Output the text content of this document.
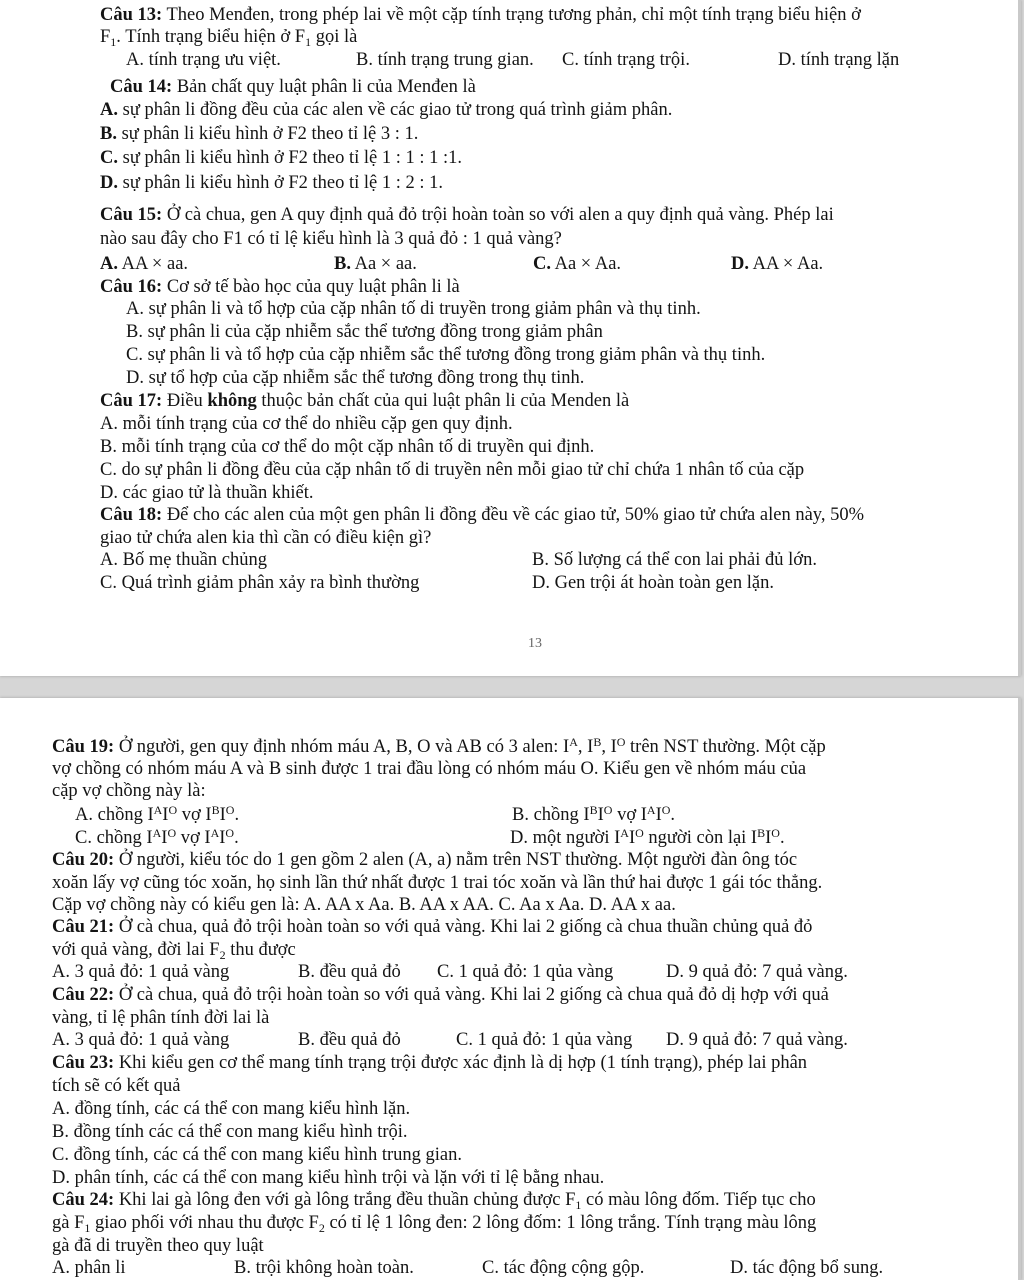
Câu 13: Theo Menđen, trong phép lai về một cặp tính trạng tương phản, chỉ một tính trạng biểu hiện ở
$F_1$. Tính trạng biểu hiện ở $F_1$ gọi là
A. tính trạng ưu việt.	B. tính trạng trung gian. C. tính trạng trội.	D. tính trạng lặn
Câu 14: Bản chất quy luật phân li của Menđen là
A. sự phân li đồng đều của các alen về các giao tử trong quá trình giảm phân.
B. sự phân li kiểu hình ở F2 theo tỉ lệ 3 : 1.
C. sự phân li kiểu hình ở F2 theo tỉ lệ 1 : 1 : 1 :1.
D. sự phân li kiểu hình ở F2 theo tỉ lệ 1 : 2 : 1.
Câu 15: Ở cà chua, gen A quy định quả đỏ trội hoàn toàn so với alen a quy định quả vàng. Phép lai
nào sau đây cho F1 có tỉ lệ kiểu hình là 3 quả đỏ : 1 quả vàng?
A. AA × aa.	B. Aa × aa.	C. Aa × Aa.	D. AA × Aa.
Câu 16: Cơ sở tế bào học của quy luật phân li là
A. sự phân li và tổ hợp của cặp nhân tố di truyền trong giảm phân và thụ tinh.
B. sự phân li của cặp nhiễm sắc thể tương đồng trong giảm phân
C. sự phân li và tổ hợp của cặp nhiễm sắc thể tương đồng trong giảm phân và thụ tinh.
D. sự tổ hợp của cặp nhiễm sắc thể tương đồng trong thụ tinh.
Câu 17: Điều không thuộc bản chất của qui luật phân li của Menden là
A. mỗi tính trạng của cơ thể do nhiều cặp gen quy định.
B. mỗi tính trạng của cơ thể do một cặp nhân tố di truyền qui định.
C. do sự phân li đồng đều của cặp nhân tố di truyền nên mỗi giao tử chỉ chứa 1 nhân tố của cặp
D. các giao tử là thuần khiết.
Câu 18: Để cho các alen của một gen phân li đồng đều về các giao tử, 50% giao tử chứa alen này, 50%
giao tử chứa alen kia thì cần có điều kiện gì?
A. Bố mẹ thuần chủng	B. Số lượng cá thể con lai phải đủ lớn.
C. Quá trình giảm phân xảy ra bình thường	D. Gen trội át hoàn toàn gen lặn.
13
Câu 19: Ở người, gen quy định nhóm máu A, B, O và AB có 3 alen: $I^A$, $I^B$, $I^O$ trên NST thường. Một cặp
vợ chồng có nhóm máu A và B sinh được 1 trai đầu lòng có nhóm máu O. Kiểu gen về nhóm máu của
cặp vợ chồng này là:
A. chồng $I^AI^O$ vợ $I^BI^O$.	B. chồng $I^BI^O$ vợ $I^AI^O$.
C. chồng $I^AI^O$ vợ $I^AI^O$.	D. một người $I^AI^O$ người còn lại $I^BI^O$.
Câu 20: Ở người, kiểu tóc do 1 gen gồm 2 alen (A, a) nằm trên NST thường. Một người đàn ông tóc
xoăn lấy vợ cũng tóc xoăn, họ sinh lần thứ nhất được 1 trai tóc xoăn và lần thứ hai được 1 gái tóc thẳng.
Cặp vợ chồng này có kiểu gen là: A. AA x Aa. B. AA x AA. C. Aa x Aa. D. AA x aa.
Câu 21: Ở cà chua, quả đỏ trội hoàn toàn so với quả vàng. Khi lai 2 giống cà chua thuần chủng quả đỏ
với quả vàng, đời lai $F_2$ thu được
A. 3 quả đỏ: 1 quả vàng	B. đều quả đỏ C. 1 quả đỏ: 1 qủa vàng	D. 9 quả đỏ: 7 quả vàng.
Câu 22: Ở cà chua, quả đỏ trội hoàn toàn so với quả vàng. Khi lai 2 giống cà chua quả đỏ dị hợp với quả
vàng, tỉ lệ phân tính đời lai là
A. 3 quả đỏ: 1 quả vàng	B. đều quả đỏ	C. 1 quả đỏ: 1 qủa vàng D. 9 quả đỏ: 7 quả vàng.
Câu 23: Khi kiểu gen cơ thể mang tính trạng trội được xác định là dị hợp (1 tính trạng), phép lai phân
tích sẽ có kết quả
A. đồng tính, các cá thể con mang kiểu hình lặn.
B. đồng tính các cá thể con mang kiểu hình trội.
C. đồng tính, các cá thể con mang kiểu hình trung gian.
D. phân tính, các cá thể con mang kiểu hình trội và lặn với tỉ lệ bằng nhau.
Câu 24: Khi lai gà lông đen với gà lông trắng đều thuần chủng được $F_1$ có màu lông đốm. Tiếp tục cho
gà $F_1$ giao phối với nhau thu được $F_2$ có tỉ lệ 1 lông đen: 2 lông đốm: 1 lông trắng. Tính trạng màu lông
gà đã di truyền theo quy luật
A. phân li	B. trội không hoàn toàn.	C. tác động cộng gộp.	D. tác động bổ sung.
